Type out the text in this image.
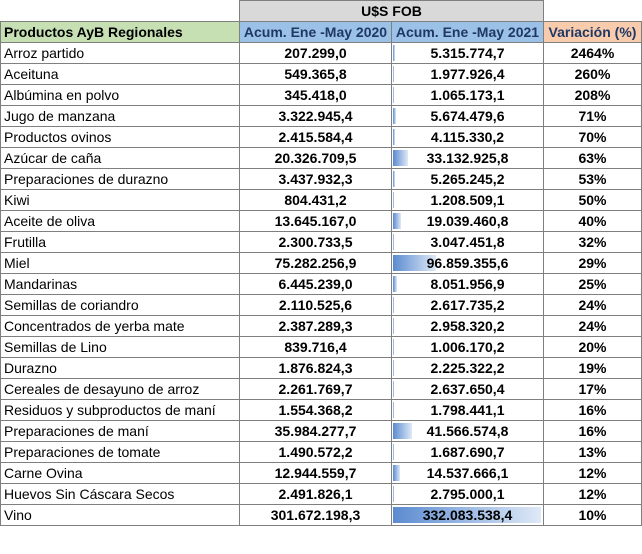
	U$S FOB		
Productos AyB Regionales	Acum. Ene -May 2020	Acum. Ene -May 2021	Variación (%)
Arroz partido	207.299,0	5.315.774,7	2464%
Aceituna	549.365,8	1.977.926,4	260%
Albúmina en polvo	345.418,0	1.065.173,1	208%
Jugo de manzana	3.322.945,4	5.674.479,6	71%
Productos ovinos	2.415.584,4	4.115.330,2	70%
Azúcar de caña	20.326.709,5	33.132.925,8	63%
Preparaciones de durazno	3.437.932,3	5.265.245,2	53%
Kiwi	804.431,2	1.208.509,1	50%
Aceite de oliva	13.645.167,0	19.039.460,8	40%
Frutilla	2.300.733,5	3.047.451,8	32%
Miel	75.282.256,9	96.859.355,6	29%
Mandarinas	6.445.239,0	8.051.956,9	25%
Semillas de coriandro	2.110.525,6	2.617.735,2	24%
Concentrados de yerba mate	2.387.289,3	2.958.320,2	24%
Semillas de Lino	839.716,4	1.006.170,2	20%
Durazno	1.876.824,3	2.225.322,2	19%
Cereales de desayuno de arroz	2.261.769,7	2.637.650,4	17%
Residuos y subproductos de maní	1.554.368,2	1.798.441,1	16%
Preparaciones de maní	35.984.277,7	41.566.574,8	16%
Preparaciones de tomate	1.490.572,2	1.687.690,7	13%
Carne Ovina	12.944.559,7	14.537.666,1	12%
Huevos Sin Cáscara Secos	2.491.826,1	2.795.000,1	12%
Vino	301.672.198,3	332.083.538,4	10%
